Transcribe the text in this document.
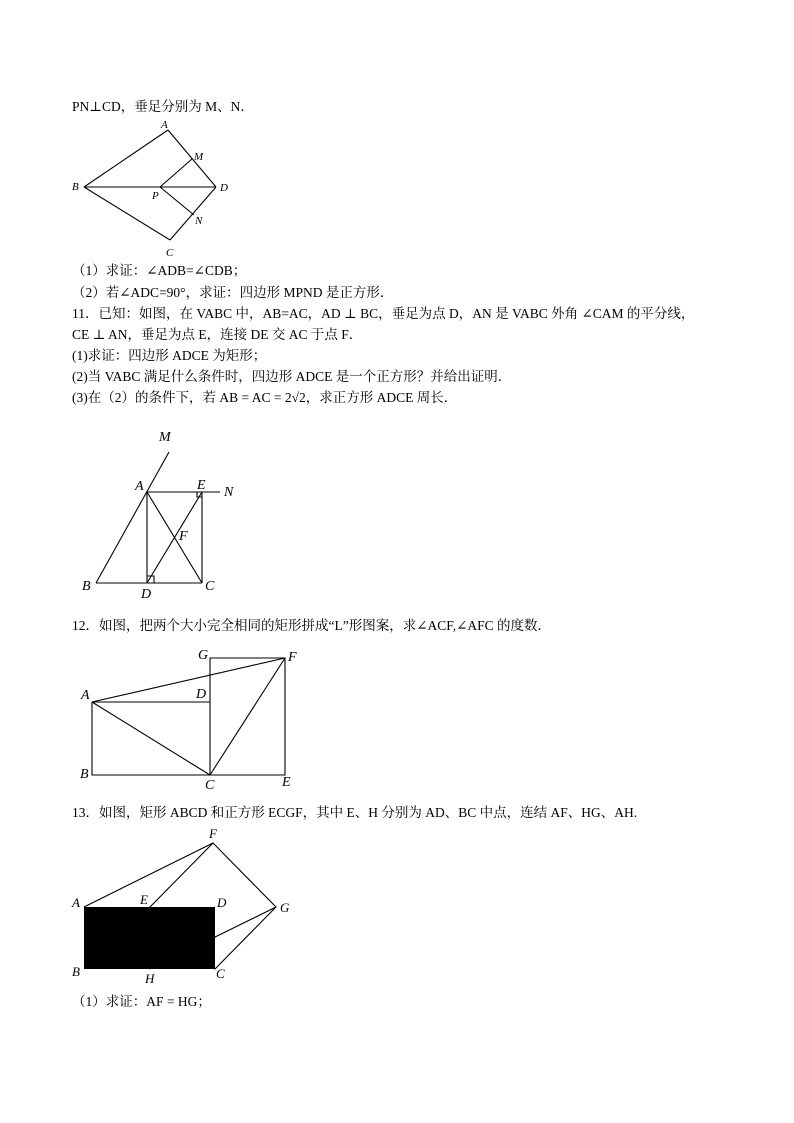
PN⊥CD，垂足分别为 M、N．
（1）求证：∠ADB=∠CDB；
（2）若∠ADC=90°，求证：四边形 MPND 是正方形．
11．已知：如图，在 VABC 中，AB=AC，AD ⊥ BC，垂足为点 D，AN 是 VABC 外角 ∠CAM 的平分线，
CE ⊥ AN，垂足为点 E，连接 DE 交 AC 于点 F．
(1)求证：四边形 ADCE 为矩形；
(2)当 VABC 满足什么条件时，四边形 ADCE 是一个正方形？并给出证明．
(3)在（2）的条件下，若 AB = AC = 2√2，求正方形 ADCE 周长．
12．如图，把两个大小完全相同的矩形拼成“L”形图案，求∠ACF,∠AFC 的度数．
13．如图，矩形 ABCD 和正方形 ECGF，其中 E、H 分别为 AD、BC 中点，连结 AF、HG、AH.
（1）求证：AF = HG；
A
B
C
D
M
N
P
M
A	E N
F
B
D
C
G	F
A	D
B
C	E
F
A	E	D	G
B	H	C
